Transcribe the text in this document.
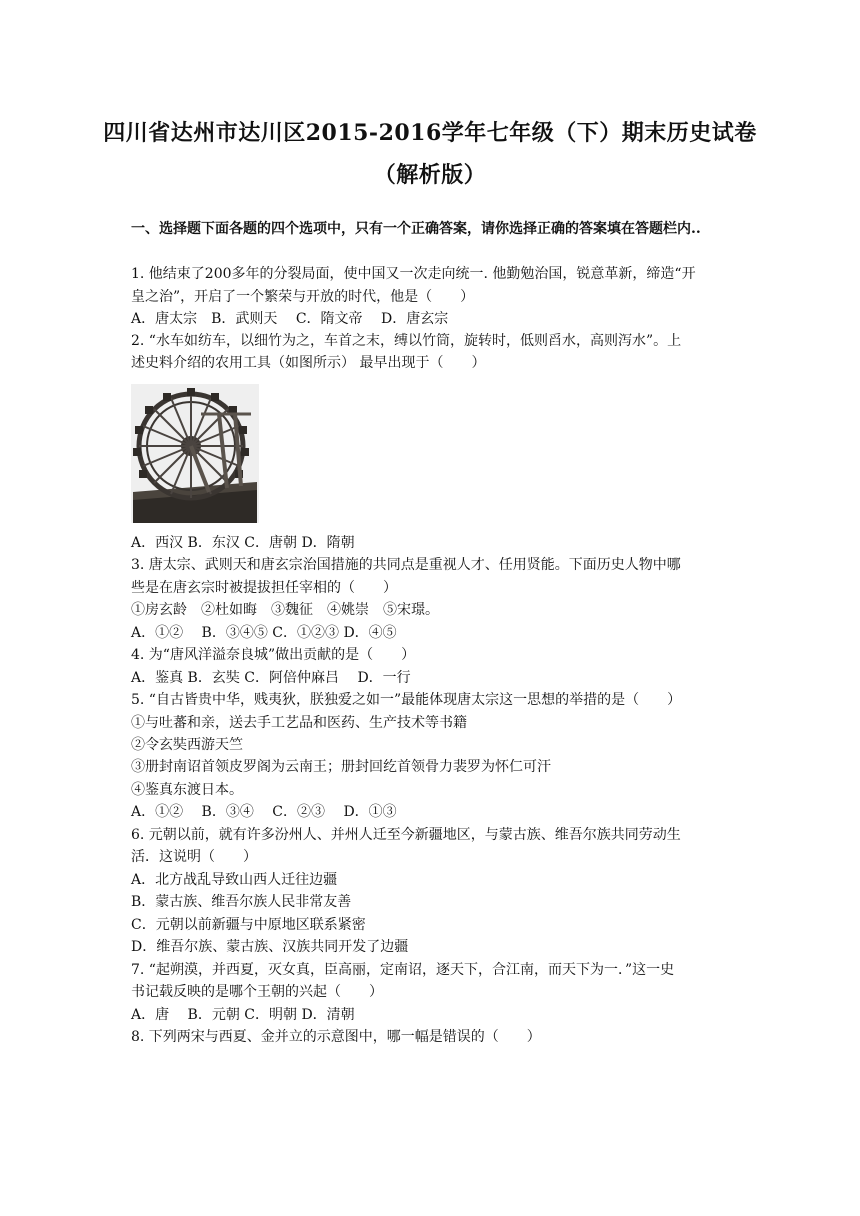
四川省达州市达川区2015-2016学年七年级（下）期末历史试卷
（解析版）
一、选择题下面各题的四个选项中，只有一个正确答案，请你选择正确的答案填在答题栏内..
1. 他结束了200多年的分裂局面，使中国又一次走向统一. 他勤勉治国，锐意革新，缔造“开
皇之治”，开启了一个繁荣与开放的时代，他是（　　）
A．唐太宗　B．武则天　 C．隋文帝　 D．唐玄宗
2. “水车如纺车，以细竹为之，车首之末，缚以竹筒，旋转时，低则舀水，高则泻水”。上
述史料介绍的农用工具（如图所示） 最早出现于（　　）
A．西汉 B．东汉 C．唐朝 D．隋朝
3. 唐太宗、武则天和唐玄宗治国措施的共同点是重视人才、任用贤能。下面历史人物中哪
些是在唐玄宗时被提拔担任宰相的（　　）
①房玄龄　②杜如晦　③魏征　④姚崇　⑤宋璟。
A．①②　 B．③④⑤ C．①②③ D．④⑤
4. 为“唐风洋溢奈良城”做出贡献的是（　　）
A．鉴真 B．玄奘 C．阿倍仲麻吕　 D．一行
5. “自古皆贵中华，贱夷狄，朕独爱之如一”最能体现唐太宗这一思想的举措的是（　　）
①与吐蕃和亲，送去手工艺品和医药、生产技术等书籍
②令玄奘西游天竺
③册封南诏首领皮罗阁为云南王；册封回纥首领骨力裴罗为怀仁可汗
④鉴真东渡日本。
A．①②　 B．③④　 C．②③　 D．①③
6. 元朝以前，就有许多汾州人、并州人迁至今新疆地区，与蒙古族、维吾尔族共同劳动生
活．这说明（　　）
A．北方战乱导致山西人迁往边疆
B．蒙古族、维吾尔族人民非常友善
C．元朝以前新疆与中原地区联系紧密
D．维吾尔族、蒙古族、汉族共同开发了边疆
7. “起朔漠，并西夏，灭女真，臣高丽，定南诏，逐天下，合江南，而天下为一．”这一史
书记载反映的是哪个王朝的兴起（　　）
A．唐　 B．元朝 C．明朝 D．清朝
8. 下列两宋与西夏、金并立的示意图中，哪一幅是错误的（　　）
